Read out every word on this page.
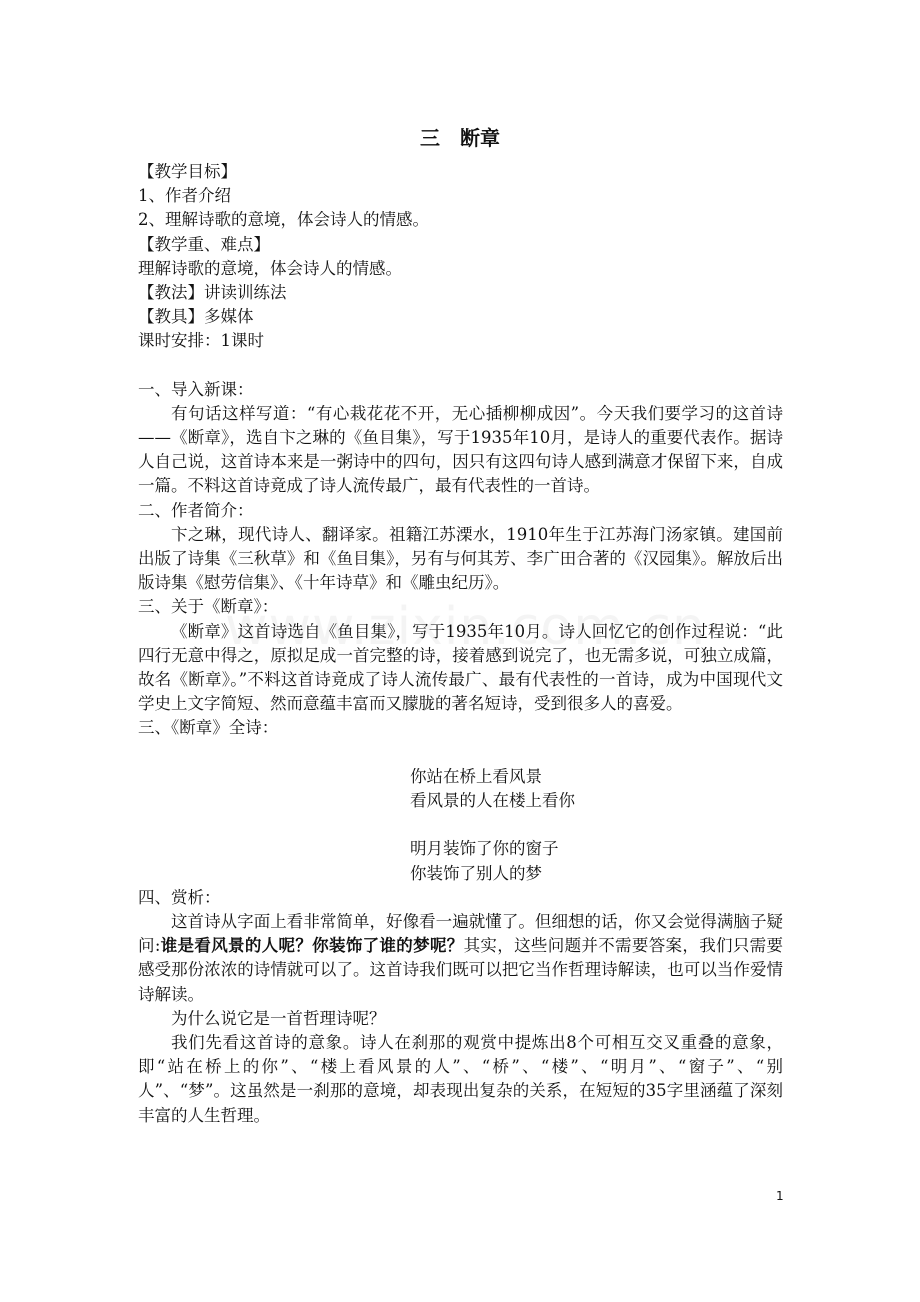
三　断章
【教学目标】
1、作者介绍
2、理解诗歌的意境，体会诗人的情感。
【教学重、难点】
理解诗歌的意境，体会诗人的情感。
【教法】讲读训练法
【教具】多媒体
课时安排：1课时
一、导入新课：
有句话这样写道：“有心栽花花不开，无心插柳柳成因”。今天我们要学习的这首诗——《断章》，选自卞之琳的《鱼目集》，写于1935年10月，是诗人的重要代表作。据诗人自己说，这首诗本来是一粥诗中的四句，因只有这四句诗人感到满意才保留下来，自成一篇。不料这首诗竟成了诗人流传最广，最有代表性的一首诗。
二、作者简介：
卞之琳，现代诗人、翻译家。祖籍江苏溧水，1910年生于江苏海门汤家镇。建国前出版了诗集《三秋草》和《鱼目集》，另有与何其芳、李广田合著的《汉园集》。解放后出版诗集《慰劳信集》、《十年诗草》和《雕虫纪历》。
三、关于《断章》：
《断章》这首诗选自《鱼目集》，写于1935年10月。诗人回忆它的创作过程说：“此四行无意中得之，原拟足成一首完整的诗，接着感到说完了，也无需多说，可独立成篇，故名《断章》。”不料这首诗竟成了诗人流传最广、最有代表性的一首诗，成为中国现代文学史上文字简短、然而意蕴丰富而又朦胧的著名短诗，受到很多人的喜爱。
三、《断章》全诗：
你站在桥上看风景
看风景的人在楼上看你
明月装饰了你的窗子
你装饰了别人的梦
四、赏析：
这首诗从字面上看非常简单，好像看一遍就懂了。但细想的话，你又会觉得满脑子疑问:谁是看风景的人呢？你装饰了谁的梦呢？其实，这些问题并不需要答案，我们只需要感受那份浓浓的诗情就可以了。这首诗我们既可以把它当作哲理诗解读，也可以当作爱情诗解读。
为什么说它是一首哲理诗呢？
我们先看这首诗的意象。诗人在刹那的观赏中提炼出8个可相互交叉重叠的意象，即“站在桥上的你”、“楼上看风景的人”、“桥”、“楼”、“明月”、“窗子”、“别人”、“梦”。这虽然是一刹那的意境，却表现出复杂的关系，在短短的35字里涵蕴了深刻丰富的人生哲理。
1
